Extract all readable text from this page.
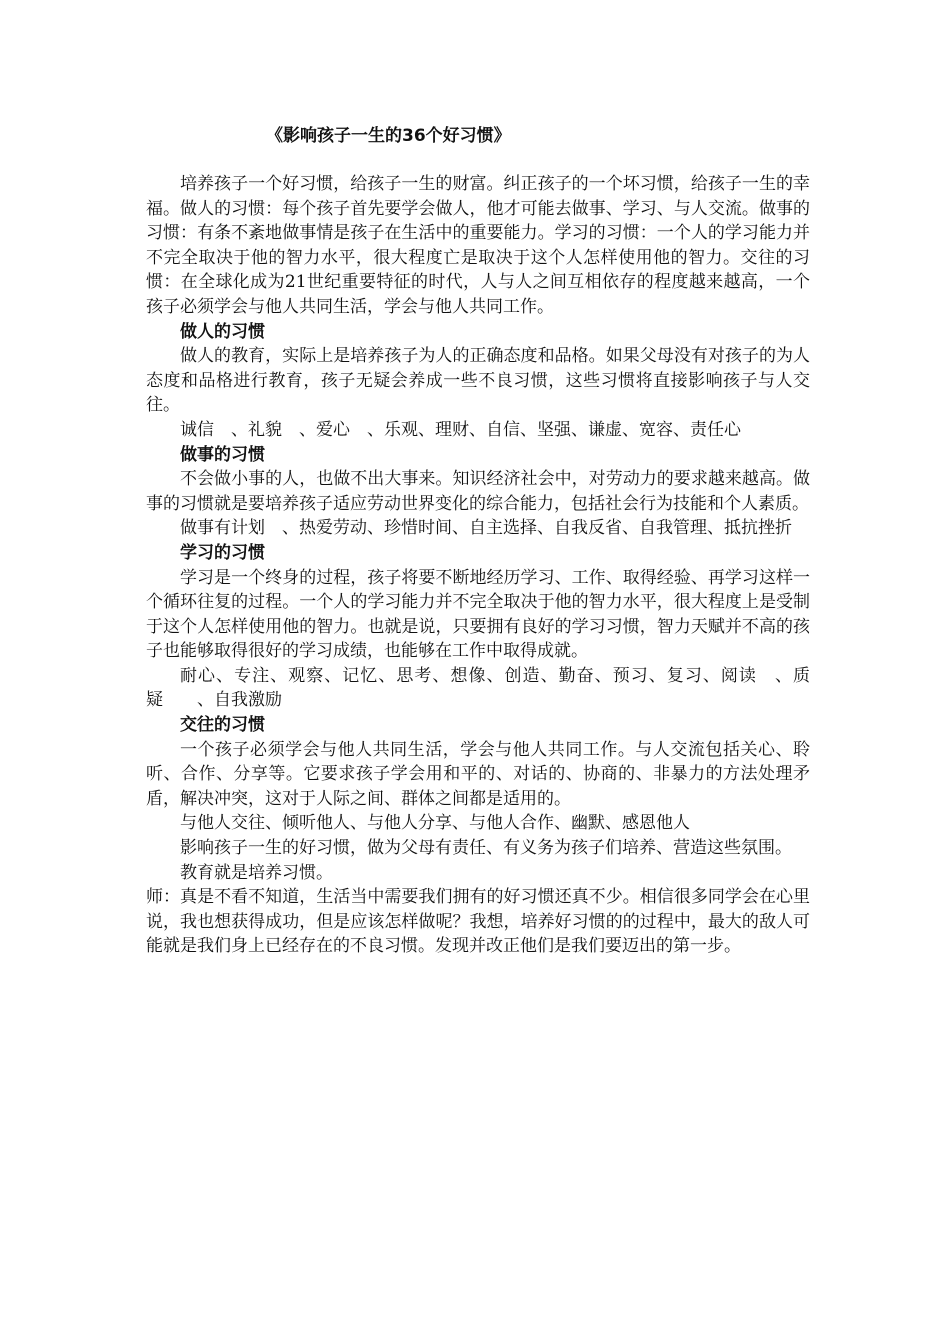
《影响孩子一生的36个好习惯》

培养孩子一个好习惯，给孩子一生的财富。纠正孩子的一个坏习惯，给孩子一生的幸福。做人的习惯：每个孩子首先要学会做人，他才可能去做事、学习、与人交流。做事的习惯：有条不紊地做事情是孩子在生活中的重要能力。学习的习惯：一个人的学习能力并不完全取决于他的智力水平，很大程度亡是取决于这个人怎样使用他的智力。交往的习惯：在全球化成为21世纪重要特征的时代，人与人之间互相依存的程度越来越高，一个孩子必须学会与他人共同生活，学会与他人共同工作。

做人的习惯

做人的教育，实际上是培养孩子为人的正确态度和品格。如果父母没有对孩子的为人态度和品格进行教育，孩子无疑会养成一些不良习惯，这些习惯将直接影响孩子与人交往。

诚信　、礼貌　、爱心　、乐观、理财、自信、坚强、谦虚、宽容、责任心

做事的习惯

不会做小事的人，也做不出大事来。知识经济社会中，对劳动力的要求越来越高。做事的习惯就是要培养孩子适应劳动世界变化的综合能力，包括社会行为技能和个人素质。

做事有计划　、热爱劳动、珍惜时间、自主选择、自我反省、自我管理、抵抗挫折

学习的习惯

学习是一个终身的过程，孩子将要不断地经历学习、工作、取得经验、再学习这样一个循环往复的过程。一个人的学习能力并不完全取决于他的智力水平，很大程度上是受制于这个人怎样使用他的智力。也就是说，只要拥有良好的学习习惯，智力天赋并不高的孩子也能够取得很好的学习成绩，也能够在工作中取得成就。

耐心、专注、观察、记忆、思考、想像、创造、勤奋、预习、复习、阅读　、质疑　　、自我激励

交往的习惯

一个孩子必须学会与他人共同生活，学会与他人共同工作。与人交流包括关心、聆听、合作、分享等。它要求孩子学会用和平的、对话的、协商的、非暴力的方法处理矛盾，解决冲突，这对于人际之间、群体之间都是适用的。

与他人交往、倾听他人、与他人分享、与他人合作、幽默、感恩他人

影响孩子一生的好习惯，做为父母有责任、有义务为孩子们培养、营造这些氛围。

教育就是培养习惯。

师：真是不看不知道，生活当中需要我们拥有的好习惯还真不少。相信很多同学会在心里说，我也想获得成功，但是应该怎样做呢？我想，培养好习惯的的过程中，最大的敌人可能就是我们身上已经存在的不良习惯。发现并改正他们是我们要迈出的第一步。
